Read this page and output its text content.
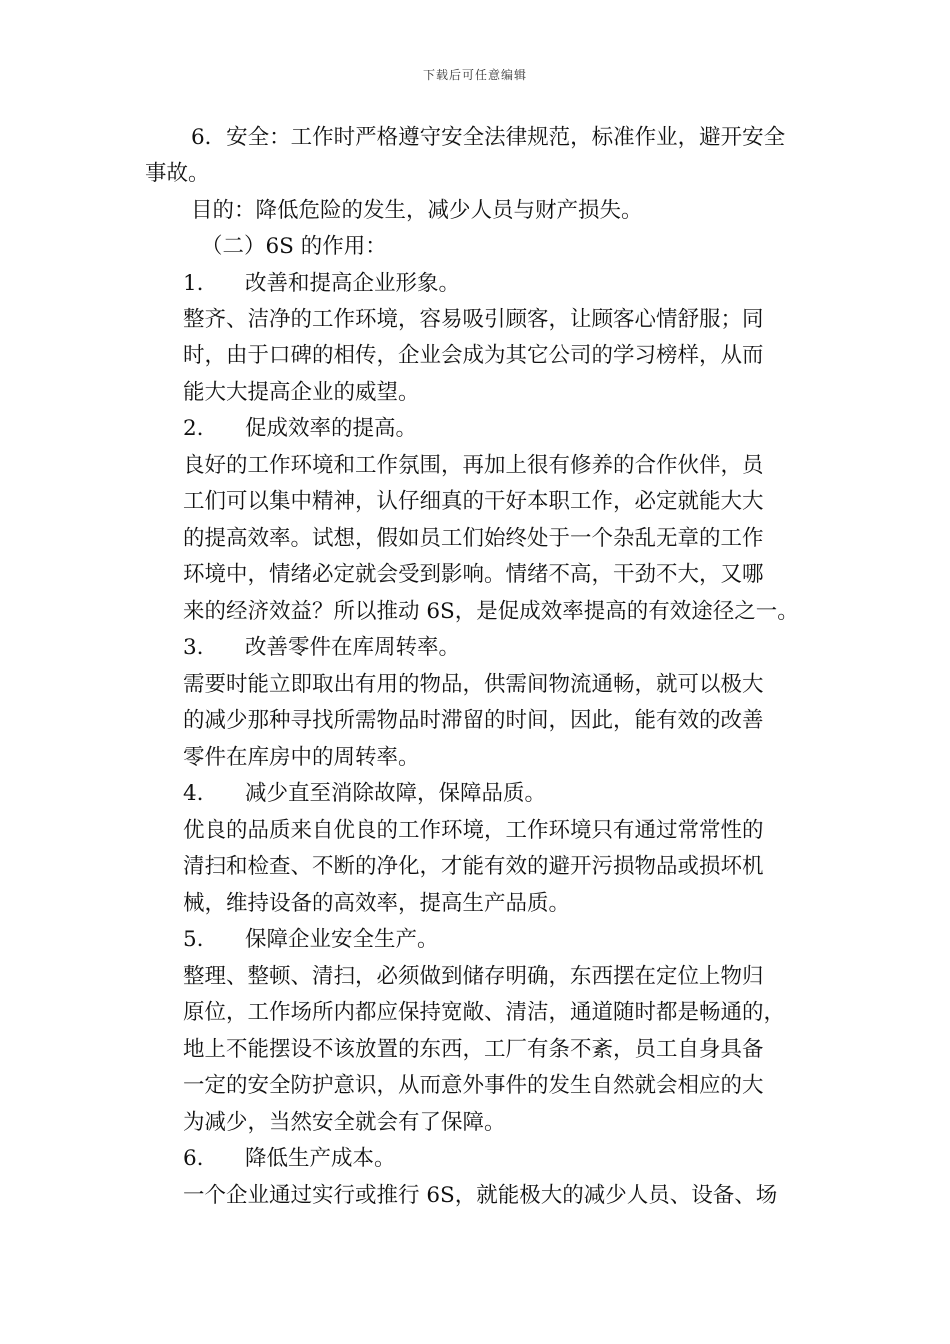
下载后可任意编辑
6．安全：工作时严格遵守安全法律规范，标准作业，避开安全
事故。
目的：降低危险的发生，减少人员与财产损失。
（二）6S 的作用：
1. 改善和提高企业形象。
整齐、洁净的工作环境，容易吸引顾客，让顾客心情舒服；同
时，由于口碑的相传，企业会成为其它公司的学习榜样，从而
能大大提高企业的威望。
2. 促成效率的提高。
良好的工作环境和工作氛围，再加上很有修养的合作伙伴，员
工们可以集中精神，认仔细真的干好本职工作，必定就能大大
的提高效率。试想，假如员工们始终处于一个杂乱无章的工作
环境中，情绪必定就会受到影响。情绪不高，干劲不大，又哪
来的经济效益？所以推动 6S，是促成效率提高的有效途径之一。
3. 改善零件在库周转率。
需要时能立即取出有用的物品，供需间物流通畅，就可以极大
的减少那种寻找所需物品时滞留的时间，因此，能有效的改善
零件在库房中的周转率。
4. 减少直至消除故障，保障品质。
优良的品质来自优良的工作环境，工作环境只有通过常常性的
清扫和检查、不断的净化，才能有效的避开污损物品或损坏机
械，维持设备的高效率，提高生产品质。
5. 保障企业安全生产。
整理、整顿、清扫，必须做到储存明确，东西摆在定位上物归
原位，工作场所内都应保持宽敞、清洁，通道随时都是畅通的，
地上不能摆设不该放置的东西，工厂有条不紊，员工自身具备
一定的安全防护意识，从而意外事件的发生自然就会相应的大
为减少，当然安全就会有了保障。
6. 降低生产成本。
一个企业通过实行或推行 6S，就能极大的减少人员、设备、场
